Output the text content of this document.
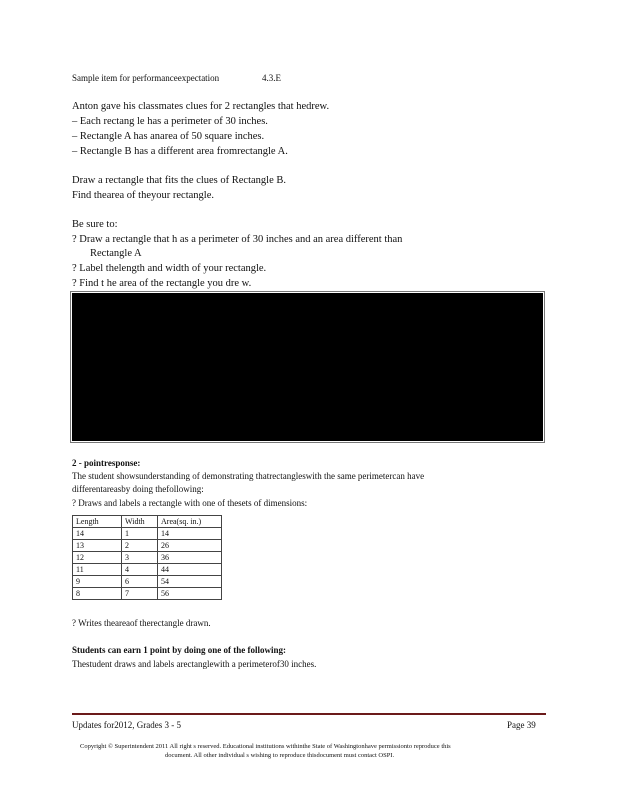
Sample item for performanceexpectation	4.3.E
Anton gave his classmates clues for 2 rectangles that hedrew.
– Each rectang le has a perimeter of 30 inches.
– Rectangle A has anarea of 50 square inches.
– Rectangle B has a different area fromrectangle A.
Draw a rectangle that fits the clues of Rectangle B.
Find thearea of theyour rectangle.
Be sure to:
? Draw a rectangle that h as a perimeter of 30 inches and an area different than
Rectangle A
? Label thelength and width of your rectangle.
? Find t he area of the rectangle you dre w.
2 - pointresponse:
The student showsunderstanding of demonstrating thatrectangleswith the same perimetercan have
differentareasby doing thefollowing:
? Draws and labels a rectangle with one of thesets of dimensions:
Length	Width	Area(sq. in.)
14	1	14
13	2	26
12	3	36
11	4	44
9	6	54
8	7	56
? Writes theareaof therectangle drawn.
Students can earn 1 point by doing one of the following:
Thestudent draws and labels arectanglewith a perimeterof30 inches.
Updates for2012, Grades 3 - 5	Page 39
Copyright © Superintendent 2011 All right s reserved. Educational institutions withinthe State of Washingtonhave permissionto reproduce this
document. All other individual s wishing to reproduce thisdocument must contact OSPI.
